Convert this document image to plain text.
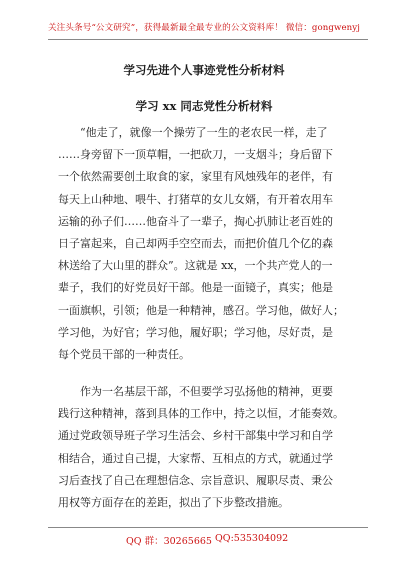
关注头条号“公文研究”，获得最新最全最专业的公文资料库！ 微信：gongwenyj
学习先进个人事迹党性分析材料
学习 xx 同志党性分析材料
“他走了，就像一个操劳了一生的老农民一样，走了
……身旁留下一顶草帽，一把砍刀，一支烟斗；身后留下
一个依然需要创土取食的家，家里有风烛残年的老伴，有
每天上山种地、喂牛、打猪草的女儿女婿，有开着农用车
运输的孙子们……他奋斗了一辈子，掏心扒肺让老百姓的
日子富起来，自己却两手空空而去，而把价值几个亿的森
林送给了大山里的群众”。这就是 xx，一个共产党人的一
辈子，我们的好党员好干部。他是一面镜子，真实；他是
一面旗帜，引领；他是一种精神，感召。学习他，做好人；
学习他，为好官；学习他，履好职；学习他，尽好责，是
每个党员干部的一种责任。
作为一名基层干部，不但要学习弘扬他的精神，更要
践行这种精神，落到具体的工作中，持之以恒，才能奏效。
通过党政领导班子学习生活会、乡村干部集中学习和自学
相结合，通过自己提，大家帮、互相点的方式，就通过学
习后查找了自己在理想信念、宗旨意识、履职尽责、秉公
用权等方面存在的差距，拟出了下步整改措施。
QQ 群：30265665 QQ:535304092
